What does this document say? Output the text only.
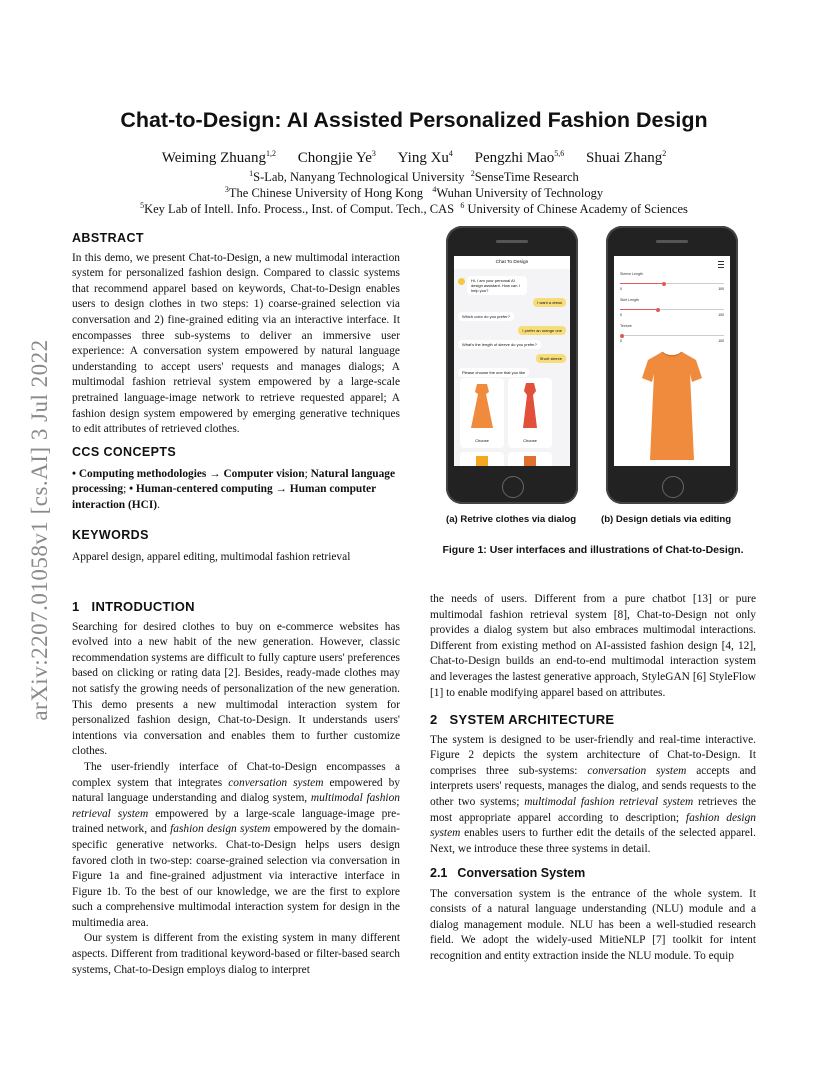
arXiv:2207.01058v1 [cs.AI] 3 Jul 2022
Chat-to-Design: AI Assisted Personalized Fashion Design
Weiming Zhuang$^{1,2}$ Chongjie Ye$^3$ Ying Xu$^4$ Pengzhi Mao$^{5,6}$ Shuai Zhang$^2$
$^1$S-Lab, Nanyang Technological University $^2$SenseTime Research
$^3$The Chinese University of Hong Kong $^4$Wuhan University of Technology
$^5$Key Lab of Intell. Info. Process., Inst. of Comput. Tech., CAS $^6$ University of Chinese Academy of Sciences
ABSTRACT

In this demo, we present Chat-to-Design, a new multimodal interaction system for personalized fashion design. Compared to classic systems that recommend apparel based on keywords, Chat-to-Design enables users to design clothes in two steps: 1) coarse-grained selection via conversation and 2) fine-grained editing via an interactive interface. It encompasses three sub-systems to deliver an immersive user experience: A conversation system empowered by natural language understanding to accept users' requests and manages dialogs; A multimodal fashion retrieval system empowered by a large-scale pretrained language-image network to retrieve requested apparel; A fashion design system empowered by emerging generative techniques to edit attributes of retrieved clothes.

CCS CONCEPTS

• Computing methodologies → Computer vision; Natural language processing; • Human-centered computing → Human computer interaction (HCI).

KEYWORDS

Apparel design, apparel editing, multimodal fashion retrieval

1 INTRODUCTION

Searching for desired clothes to buy on e-commerce websites has evolved into a new habit of the new generation. However, classic recommendation systems are difficult to fully capture users' preferences based on clicking or rating data [2]. Besides, ready-made clothes may not satisfy the growing needs of personalization of the new generation. This demo presents a new multimodal interaction system for personalized fashion design, Chat-to-Design. It understands users' intentions via conversation and enables them to further customize clothes.

The user-friendly interface of Chat-to-Design encompasses a complex system that integrates conversation system empowered by natural language understanding and dialog system, multimodal fashion retrieval system empowered by a large-scale language-image pre-trained network, and fashion design system empowered by the domain-specific generative networks. Chat-to-Design helps users design favored cloth in two-step: coarse-grained selection via conversation in Figure 1a and fine-grained adjustment via interactive interface in Figure 1b. To the best of our knowledge, we are the first to explore such a comprehensive multimodal interaction system for design in the multimedia area.

Our system is different from the existing system in many different aspects. Different from traditional keyword-based or filter-based search systems, Chat-to-Design employs dialog to interpret

the needs of users. Different from a pure chatbot [13] or pure multimodal fashion retrieval system [8], Chat-to-Design not only provides a dialog system but also embraces multimodal interactions. Different from existing method on AI-assisted fashion design [4, 12], Chat-to-Design builds an end-to-end multimodal interaction system and leverages the lastest generative approach, StyleGAN [6] StyleFlow [1] to enable modifying apparel based on attributes.

2 SYSTEM ARCHITECTURE

The system is designed to be user-friendly and real-time interactive. Figure 2 depicts the system architecture of Chat-to-Design. It comprises three sub-systems: conversation system accepts and interprets users' requests, manages the dialog, and sends requests to the other two systems; multimodal fashion retrieval system retrieves the most appropriate apparel according to description; fashion design system enables users to further edit the details of the selected apparel. Next, we introduce these three systems in detail.

2.1 Conversation System

The conversation system is the entrance of the whole system. It consists of a natural language understanding (NLU) module and a dialog management module. NLU has been a well-studied research field. We adopt the widely-used MitieNLP [7] toolkit for intent recognition and entity extraction inside the NLU module. To equip

Chat To Design
Hi, I am your personal AI design assistant. How can I help you?
I want a dress
Which color do you prefer?
I prefer an orange one
What's the length of sleeve do you prefer?
Short sleeve
Please choose the one that you like
Choose	Choose
Sleeve Length
0	100
Skirt Length
0	100
Texture
0	100
(a) Retrive clothes via dialog	(b) Design detials via editing
Figure 1: User interfaces and illustrations of Chat-to-Design.
